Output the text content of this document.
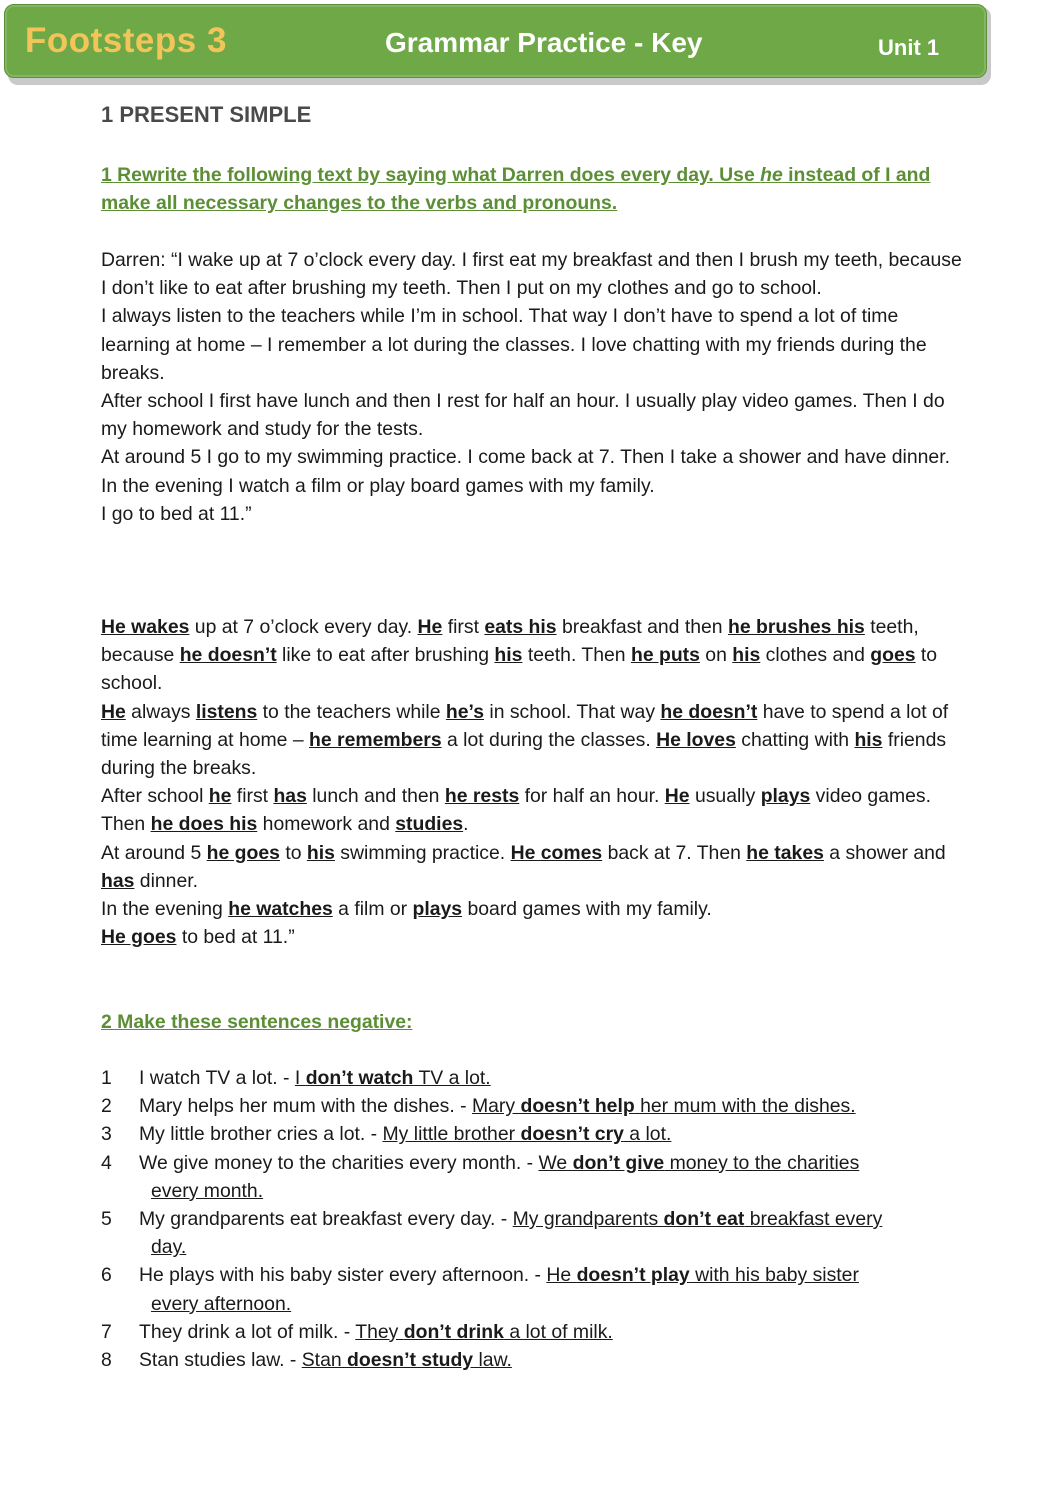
Footsteps 3	Grammar Practice - Key	Unit 1
1 PRESENT SIMPLE
1 Rewrite the following text by saying what Darren does every day. Use he instead of I and make all necessary changes to the verbs and pronouns.

Darren: “I wake up at 7 o’clock every day. I first eat my breakfast and then I brush my teeth, because I don’t like to eat after brushing my teeth. Then I put on my clothes and go to school.

I always listen to the teachers while I’m in school. That way I don’t have to spend a lot of time learning at home – I remember a lot during the classes. I love chatting with my friends during the breaks.

After school I first have lunch and then I rest for half an hour. I usually play video games. Then I do my homework and study for the tests.

At around 5 I go to my swimming practice. I come back at 7. Then I take a shower and have dinner.

In the evening I watch a film or play board games with my family.

I go to bed at 11.”

He wakes up at 7 o’clock every day. He first eats his breakfast and then he brushes his teeth, because he doesn’t like to eat after brushing his teeth. Then he puts on his clothes and goes to school.

He always listens to the teachers while he’s in school. That way he doesn’t have to spend a lot of time learning at home – he remembers a lot during the classes. He loves chatting with his friends during the breaks.

After school he first has lunch and then he rests for half an hour. He usually plays video games. Then he does his homework and studies.

At around 5 he goes to his swimming practice. He comes back at 7. Then he takes a shower and has dinner.

In the evening he watches a film or plays board games with my family.

He goes to bed at 11.”

2 Make these sentences negative:
1 I watch TV a lot. - I don’t watch TV a lot.
2 Mary helps her mum with the dishes. - Mary doesn’t help her mum with the dishes.
3 My little brother cries a lot. - My little brother doesn’t cry a lot.
4 We give money to the charities every month. - We don’t give money to the charities
every month.
5 My grandparents eat breakfast every day. - My grandparents don’t eat breakfast every
day.
6 He plays with his baby sister every afternoon. - He doesn’t play with his baby sister
every afternoon.
7 They drink a lot of milk. - They don’t drink a lot of milk.
8 Stan studies law. - Stan doesn’t study law.
